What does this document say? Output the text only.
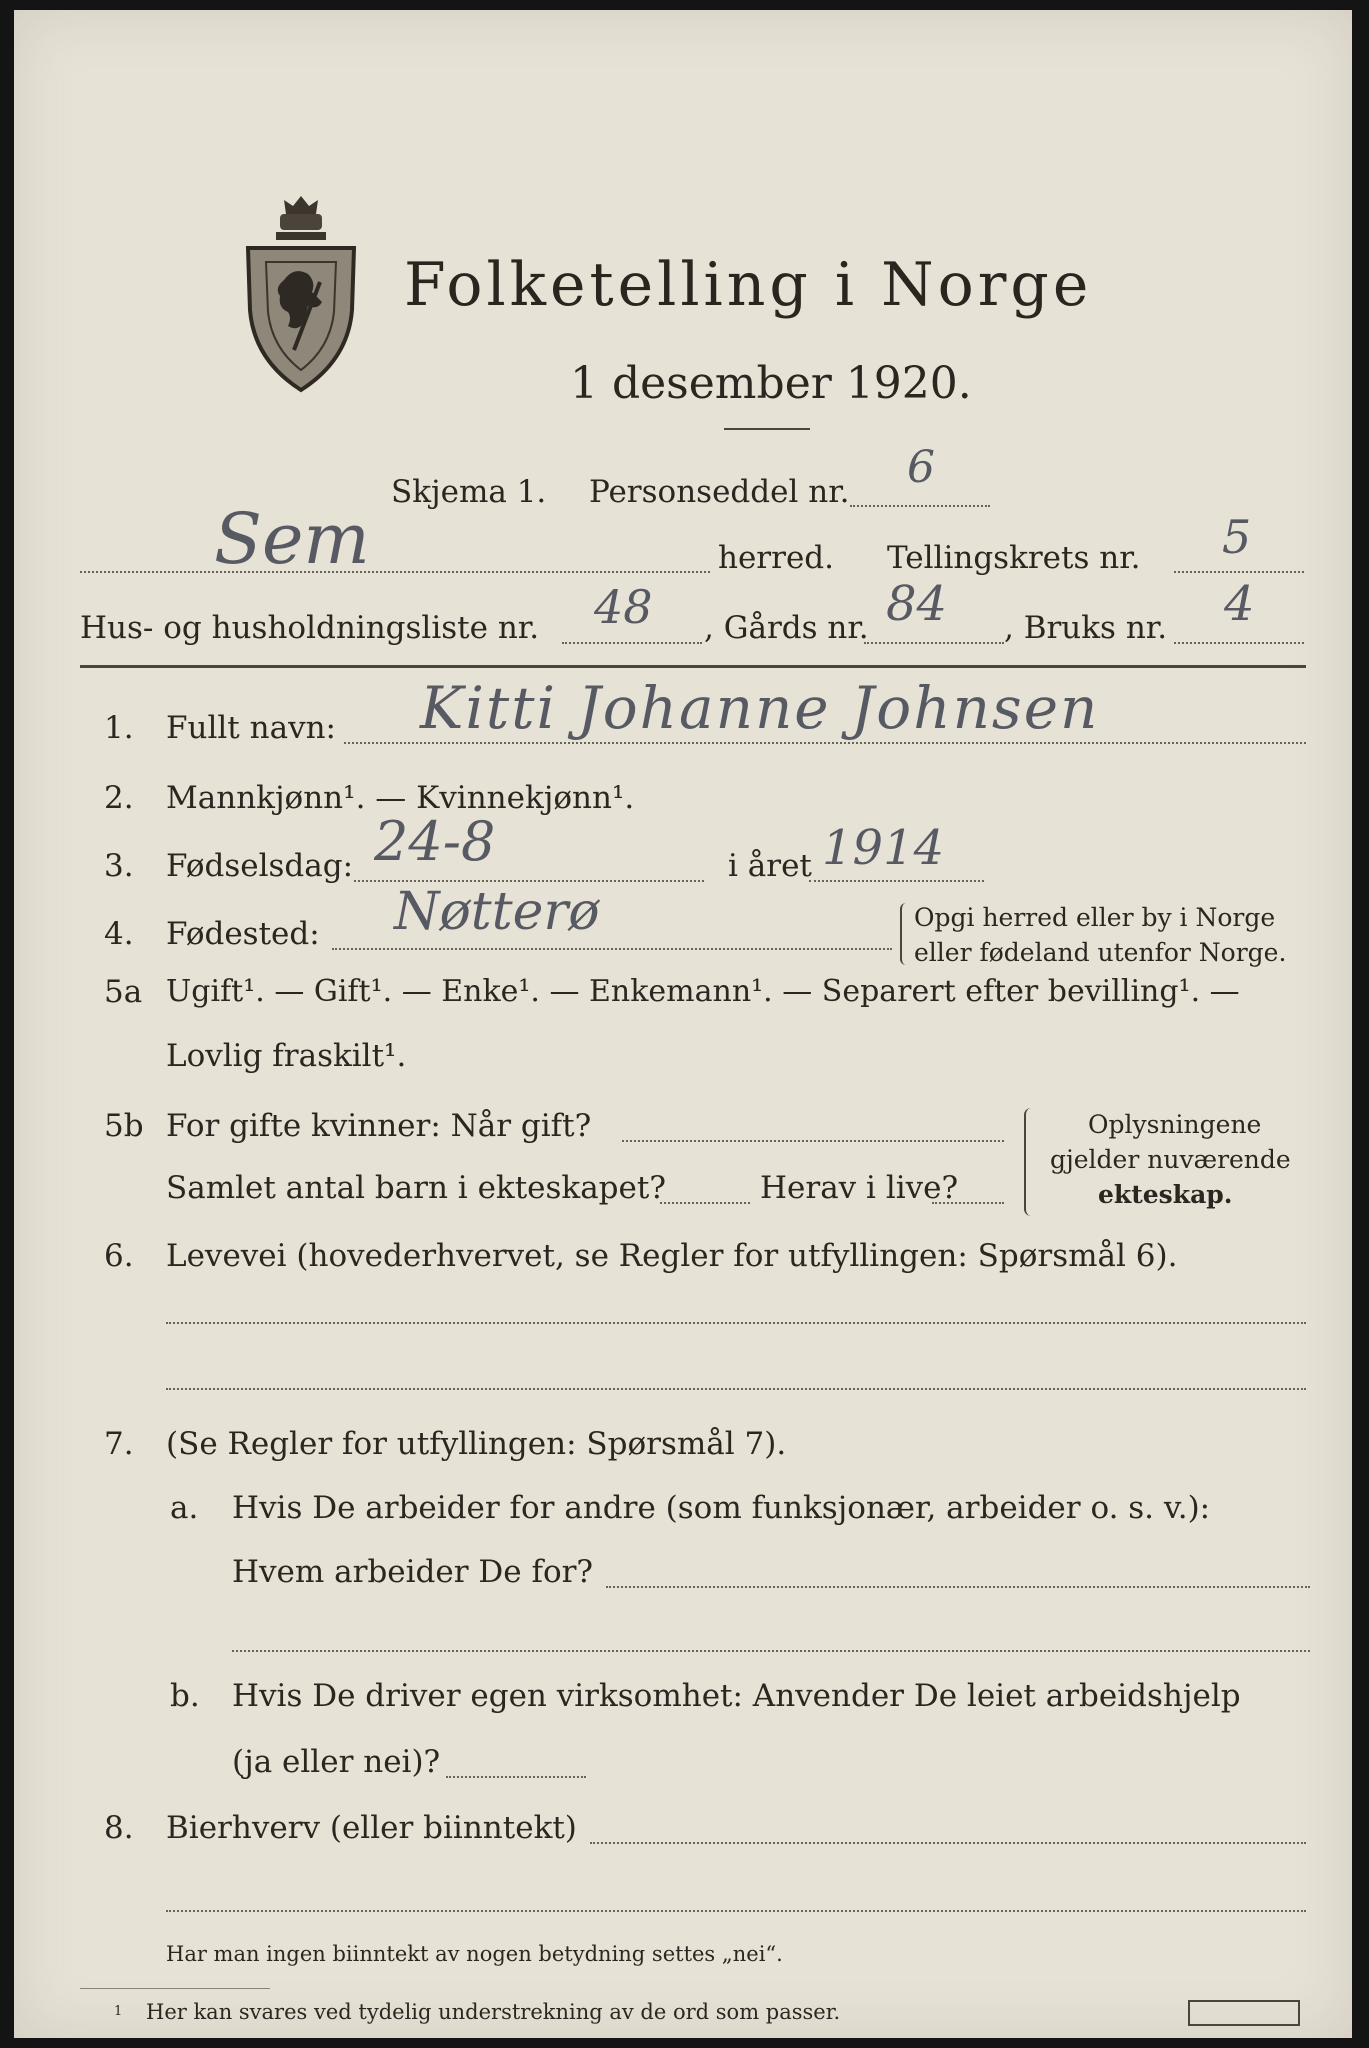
Folketelling i Norge
1 desember 1920.
Skjema 1. Personseddel nr. 6
Sem	herred. Tellingskrets nr. 5
Hus- og husholdningsliste nr. 48 , Gårds nr. 84 , Bruks nr. 4
1. Fullt navn: Kitti Johanne Johnsen
2. Mannkjønn¹. — Kvinnekjønn¹.
3. Fødselsdag: 24-8	i året 1914
4. Fødested: Nøtterø	Opgi herred eller by i Norge
eller fødeland utenfor Norge.
5a Ugift¹. — Gift¹. — Enke¹. — Enkemann¹. — Separert efter bevilling¹. —
Lovlig fraskilt¹.
5b For gifte kvinner: Når gift?
Samlet antal barn i ekteskapet?	Herav i live?
Oplysningene
gjelder nuværende
ekteskap.
6. Levevei (hovederhvervet, se Regler for utfyllingen: Spørsmål 6).
7. (Se Regler for utfyllingen: Spørsmål 7).
a. Hvis De arbeider for andre (som funksjonær, arbeider o. s. v.):
Hvem arbeider De for?
b. Hvis De driver egen virksomhet: Anvender De leiet arbeidshjelp
(ja eller nei)?
8. Bierhverv (eller biinntekt)
Har man ingen biinntekt av nogen betydning settes „nei“.
1 Her kan svares ved tydelig understrekning av de ord som passer.
